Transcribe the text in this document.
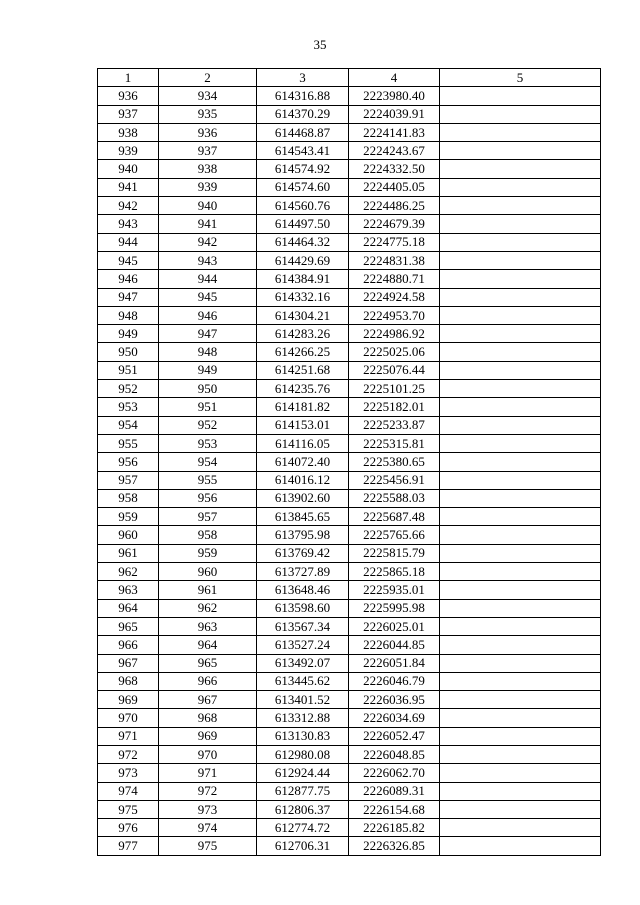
35
1	2	3	4	5
936	934	614316.88	2223980.40	
937	935	614370.29	2224039.91	
938	936	614468.87	2224141.83	
939	937	614543.41	2224243.67	
940	938	614574.92	2224332.50	
941	939	614574.60	2224405.05	
942	940	614560.76	2224486.25	
943	941	614497.50	2224679.39	
944	942	614464.32	2224775.18	
945	943	614429.69	2224831.38	
946	944	614384.91	2224880.71	
947	945	614332.16	2224924.58	
948	946	614304.21	2224953.70	
949	947	614283.26	2224986.92	
950	948	614266.25	2225025.06	
951	949	614251.68	2225076.44	
952	950	614235.76	2225101.25	
953	951	614181.82	2225182.01	
954	952	614153.01	2225233.87	
955	953	614116.05	2225315.81	
956	954	614072.40	2225380.65	
957	955	614016.12	2225456.91	
958	956	613902.60	2225588.03	
959	957	613845.65	2225687.48	
960	958	613795.98	2225765.66	
961	959	613769.42	2225815.79	
962	960	613727.89	2225865.18	
963	961	613648.46	2225935.01	
964	962	613598.60	2225995.98	
965	963	613567.34	2226025.01	
966	964	613527.24	2226044.85	
967	965	613492.07	2226051.84	
968	966	613445.62	2226046.79	
969	967	613401.52	2226036.95	
970	968	613312.88	2226034.69	
971	969	613130.83	2226052.47	
972	970	612980.08	2226048.85	
973	971	612924.44	2226062.70	
974	972	612877.75	2226089.31	
975	973	612806.37	2226154.68	
976	974	612774.72	2226185.82	
977	975	612706.31	2226326.85	
